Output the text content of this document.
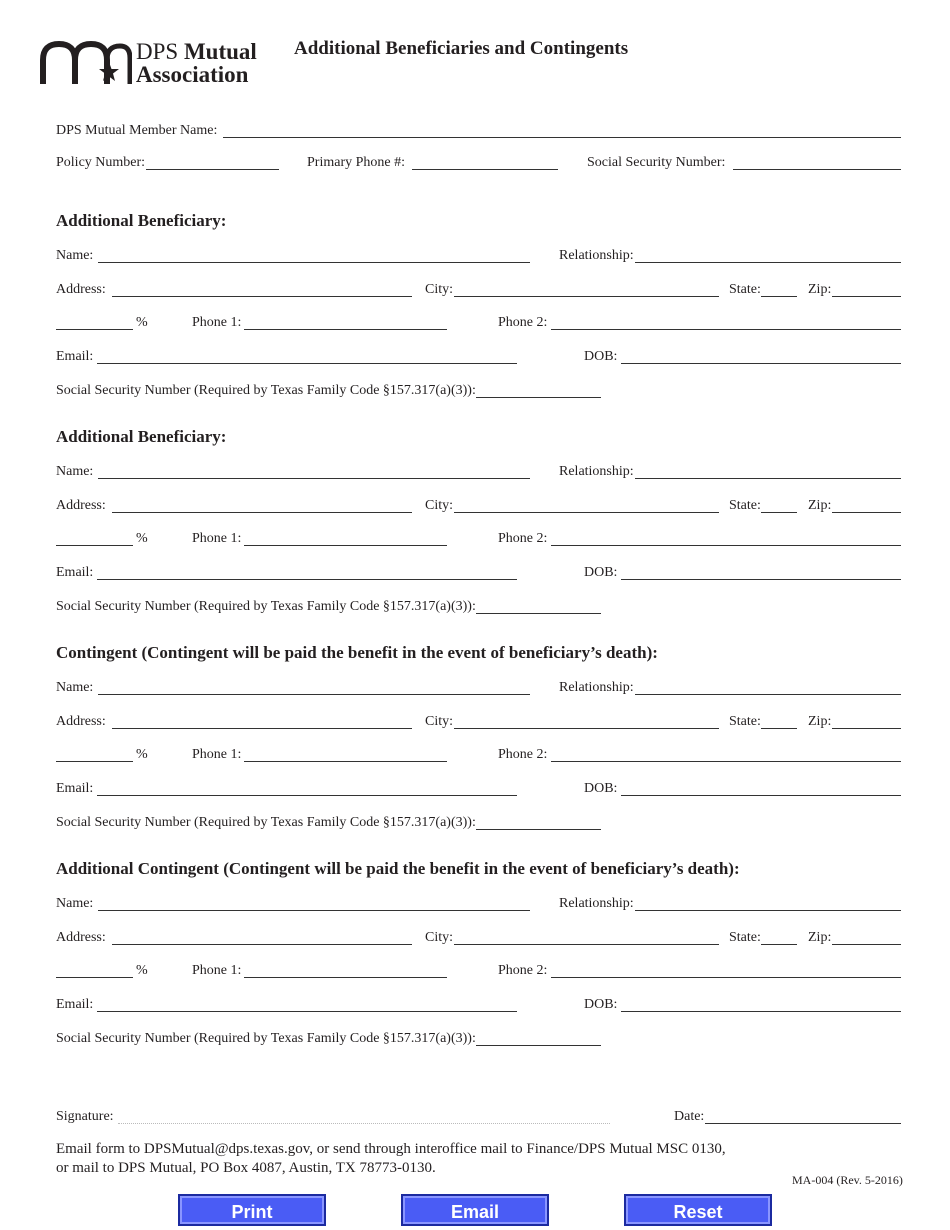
DPS Mutual
Association
Additional Beneficiaries and Contingents
DPS Mutual Member Name:
Policy Number:	Primary Phone #:	Social Security Number:
Additional Beneficiary:
Name:	Relationship:
Address:	City:	State:	Zip:
%	Phone 1:	Phone 2:
Email:	DOB:
Social Security Number (Required by Texas Family Code §157.317(a)(3)):
Additional Beneficiary:
Name:	Relationship:
Address:	City:	State:	Zip:
%	Phone 1:	Phone 2:
Email:	DOB:
Social Security Number (Required by Texas Family Code §157.317(a)(3)):
Contingent (Contingent will be paid the benefit in the event of beneficiary’s death):
Name:	Relationship:
Address:	City:	State:	Zip:
%	Phone 1:	Phone 2:
Email:	DOB:
Social Security Number (Required by Texas Family Code §157.317(a)(3)):
Additional Contingent (Contingent will be paid the benefit in the event of beneficiary’s death):
Name:	Relationship:
Address:	City:	State:	Zip:
%	Phone 1:	Phone 2:
Email:	DOB:
Social Security Number (Required by Texas Family Code §157.317(a)(3)):
Signature:	Date:
Email form to DPSMutual@dps.texas.gov, or send through interoffice mail to Finance/DPS Mutual MSC 0130,
or mail to DPS Mutual, PO Box 4087, Austin, TX 78773-0130.
MA-004 (Rev. 5-2016)
Print	Email	Reset
